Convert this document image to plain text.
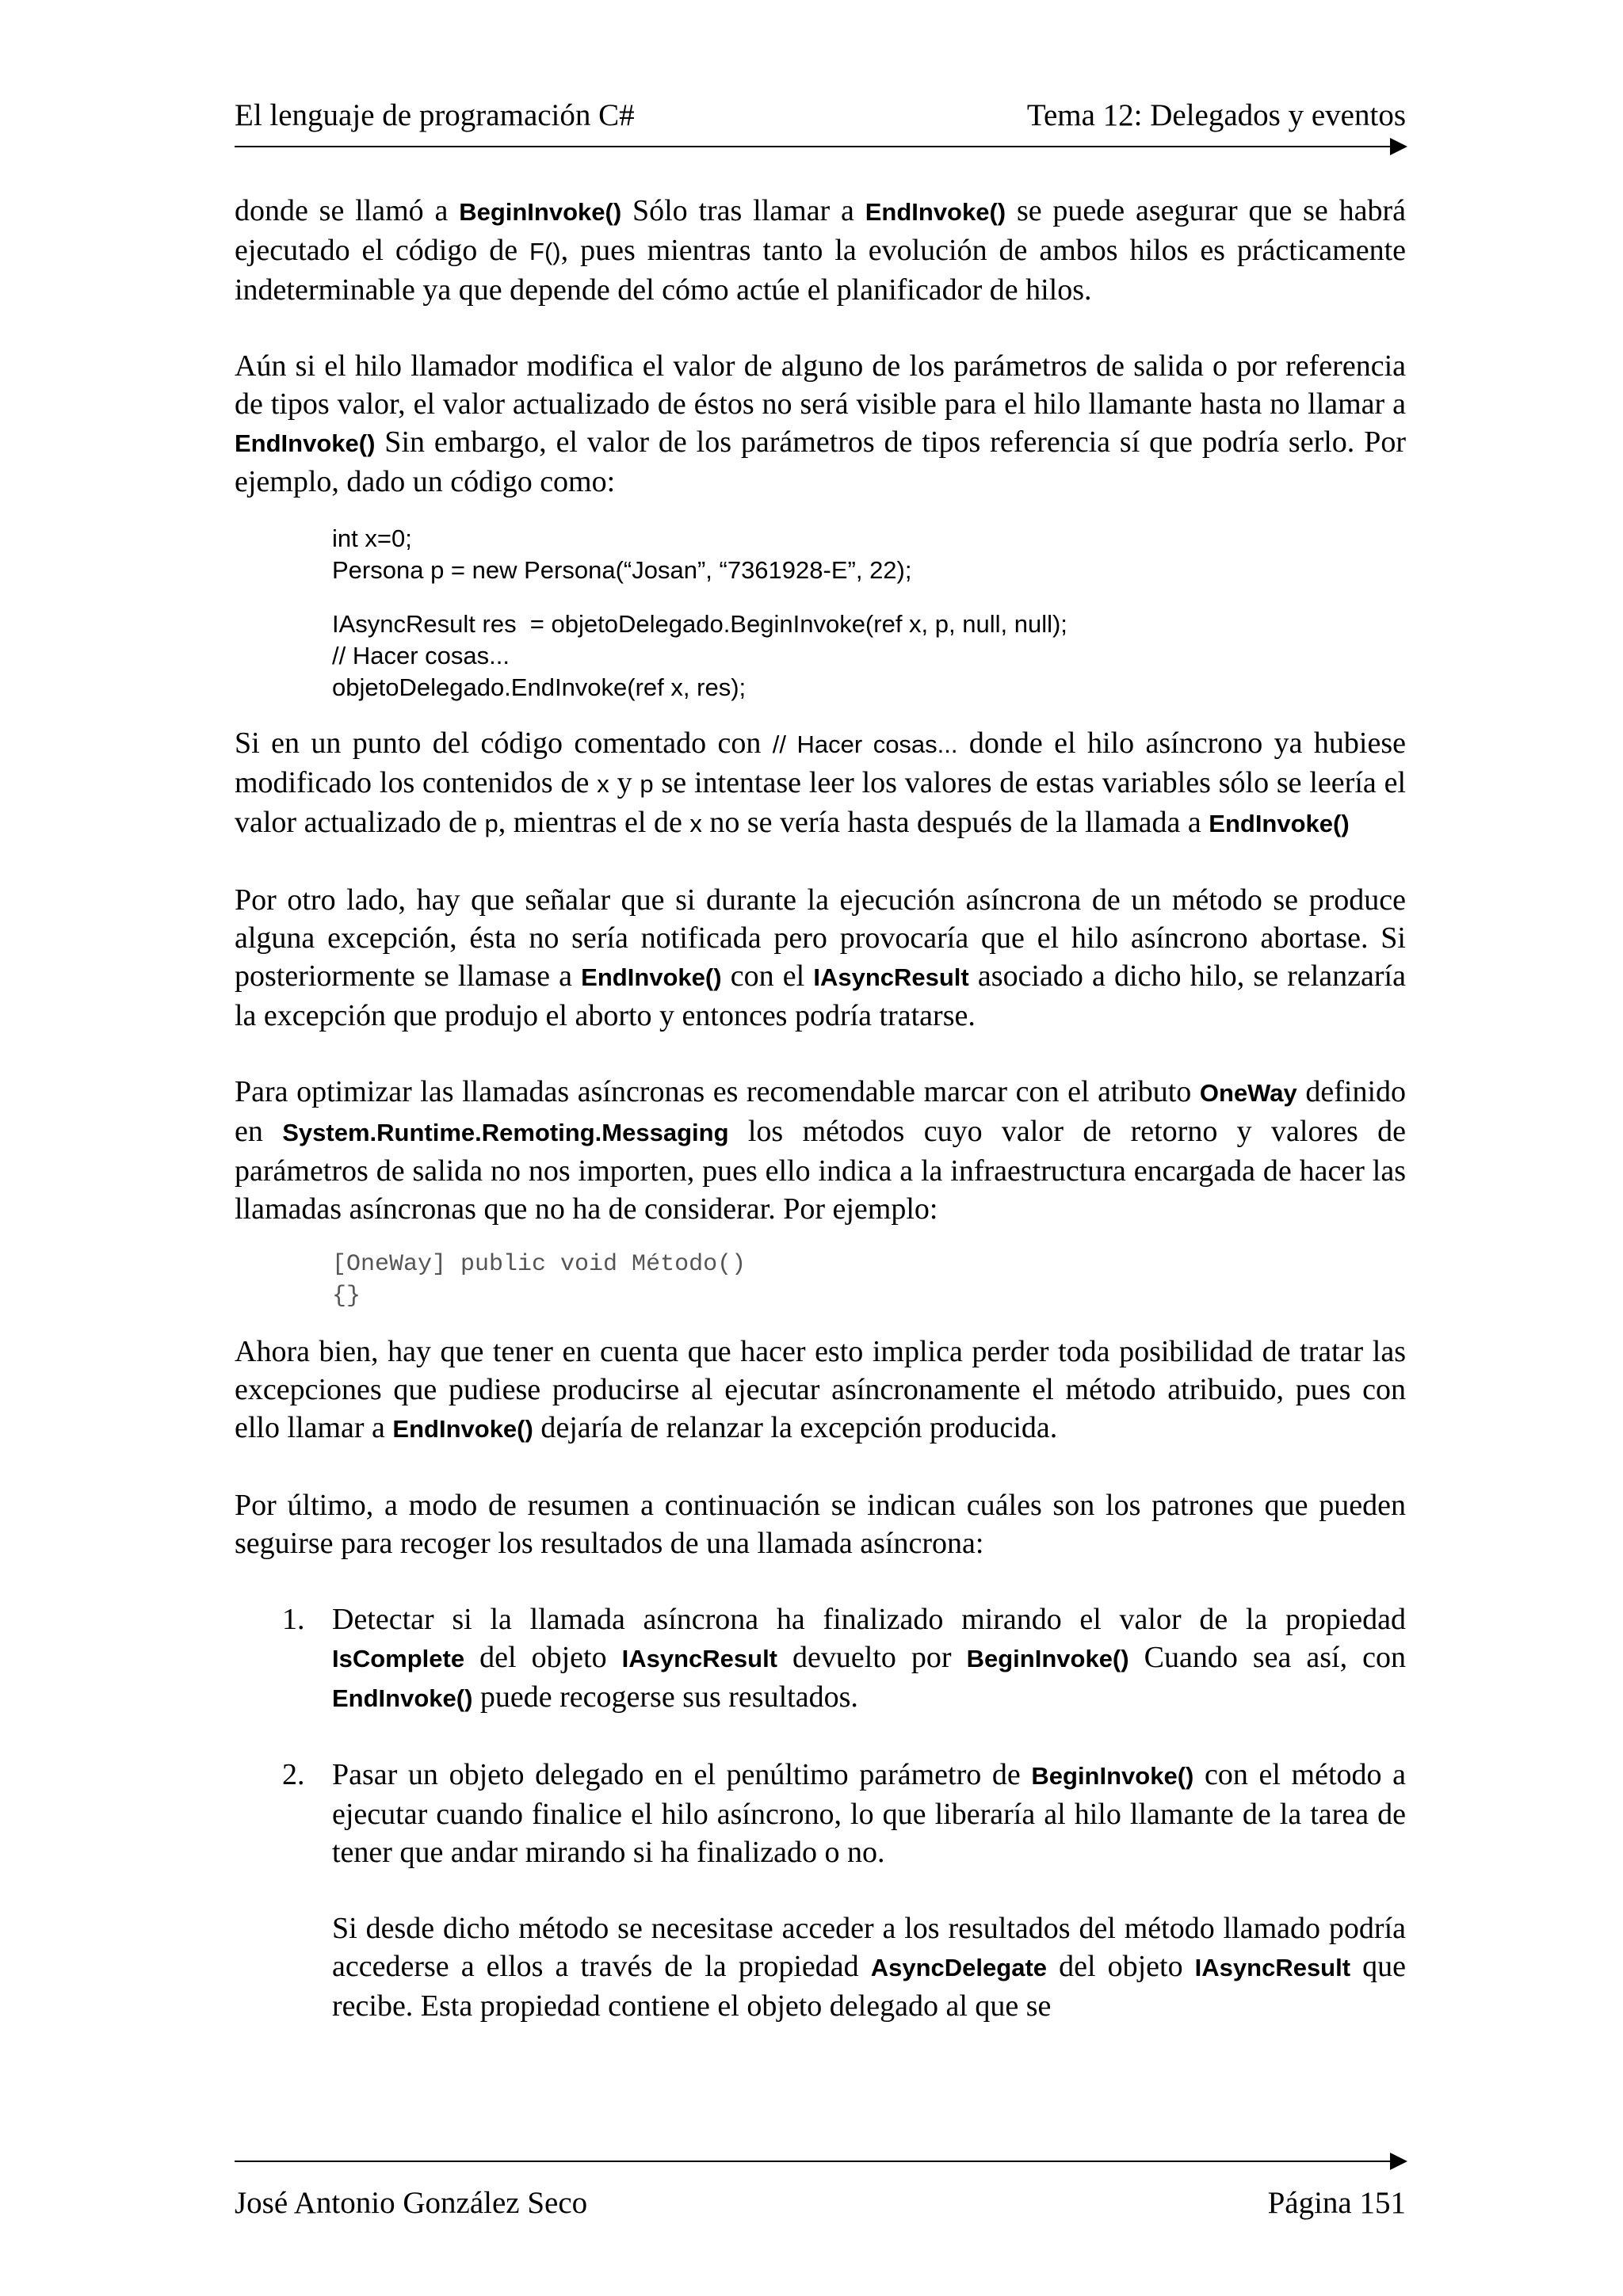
El lenguaje de programación C#	Tema 12: Delegados y eventos

donde se llamó a BeginInvoke() Sólo tras llamar a EndInvoke() se puede asegurar que se habrá ejecutado el código de F(), pues mientras tanto la evolución de ambos hilos es prácticamente indeterminable ya que depende del cómo actúe el planificador de hilos.

Aún si el hilo llamador modifica el valor de alguno de los parámetros de salida o por referencia de tipos valor, el valor actualizado de éstos no será visible para el hilo llamante hasta no llamar a EndInvoke() Sin embargo, el valor de los parámetros de tipos referencia sí que podría serlo. Por ejemplo, dado un código como:

int x=0;
Persona p = new Persona(“Josan”, “7361928-E”, 22);
IAsyncResult res  = objetoDelegado.BeginInvoke(ref x, p, null, null);
// Hacer cosas...
objetoDelegado.EndInvoke(ref x, res);

Si en un punto del código comentado con // Hacer cosas... donde el hilo asíncrono ya hubiese modificado los contenidos de x y p se intentase leer los valores de estas variables sólo se leería el valor actualizado de p, mientras el de x no se vería hasta después de la llamada a EndInvoke()

Por otro lado, hay que señalar que si durante la ejecución asíncrona de un método se produce alguna excepción, ésta no sería notificada pero provocaría que el hilo asíncrono abortase. Si posteriormente se llamase a EndInvoke() con el IAsyncResult asociado a dicho hilo, se relanzaría la excepción que produjo el aborto y entonces podría tratarse.

Para optimizar las llamadas asíncronas es recomendable marcar con el atributo OneWay definido en System.Runtime.Remoting.Messaging los métodos cuyo valor de retorno y valores de parámetros de salida no nos importen, pues ello indica a la infraestructura encargada de hacer las llamadas asíncronas que no ha de considerar. Por ejemplo:

[OneWay] public void Método()
{}

Ahora bien, hay que tener en cuenta que hacer esto implica perder toda posibilidad de tratar las excepciones que pudiese producirse al ejecutar asíncronamente el método atribuido, pues con ello llamar a EndInvoke() dejaría de relanzar la excepción producida.

Por último, a modo de resumen a continuación se indican cuáles son los patrones que pueden seguirse para recoger los resultados de una llamada asíncrona:

1. Detectar si la llamada asíncrona ha finalizado mirando el valor de la propiedad IsComplete del objeto IAsyncResult devuelto por BeginInvoke() Cuando sea así, con EndInvoke() puede recogerse sus resultados.

2. Pasar un objeto delegado en el penúltimo parámetro de BeginInvoke() con el método a ejecutar cuando finalice el hilo asíncrono, lo que liberaría al hilo llamante de la tarea de tener que andar mirando si ha finalizado o no.

Si desde dicho método se necesitase acceder a los resultados del método llamado podría accederse a ellos a través de la propiedad AsyncDelegate del objeto IAsyncResult que recibe. Esta propiedad contiene el objeto delegado al que se

José Antonio González Seco	Página 151
